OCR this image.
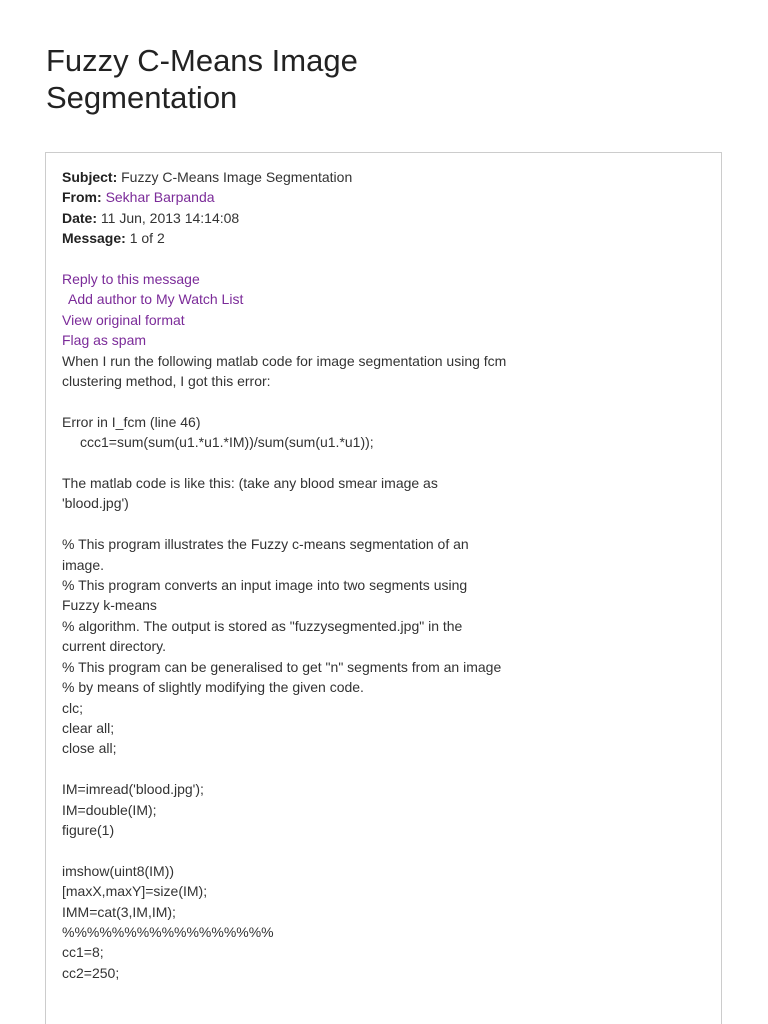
Fuzzy C-Means Image Segmentation
Subject: Fuzzy C-Means Image Segmentation
From: Sekhar Barpanda
Date: 11 Jun, 2013 14:14:08
Message: 1 of 2
Reply to this message
Add author to My Watch List
View original format
Flag as spam
When I run the following matlab code for image segmentation using fcm
clustering method, I got this error:
Error in I_fcm (line 46)
ccc1=sum(sum(u1.*u1.*IM))/sum(sum(u1.*u1));
The matlab code is like this: (take any blood smear image as
'blood.jpg')
% This program illustrates the Fuzzy c-means segmentation of an
image.
% This program converts an input image into two segments using
Fuzzy k-means
% algorithm. The output is stored as "fuzzysegmented.jpg" in the
current directory.
% This program can be generalised to get "n" segments from an image
% by means of slightly modifying the given code.
clc;
clear all;
close all;
IM=imread('blood.jpg');
IM=double(IM);
figure(1)
imshow(uint8(IM))
[maxX,maxY]=size(IM);
IMM=cat(3,IM,IM);
%%%%%%%%%%%%%%%%%
cc1=8;
cc2=250;
